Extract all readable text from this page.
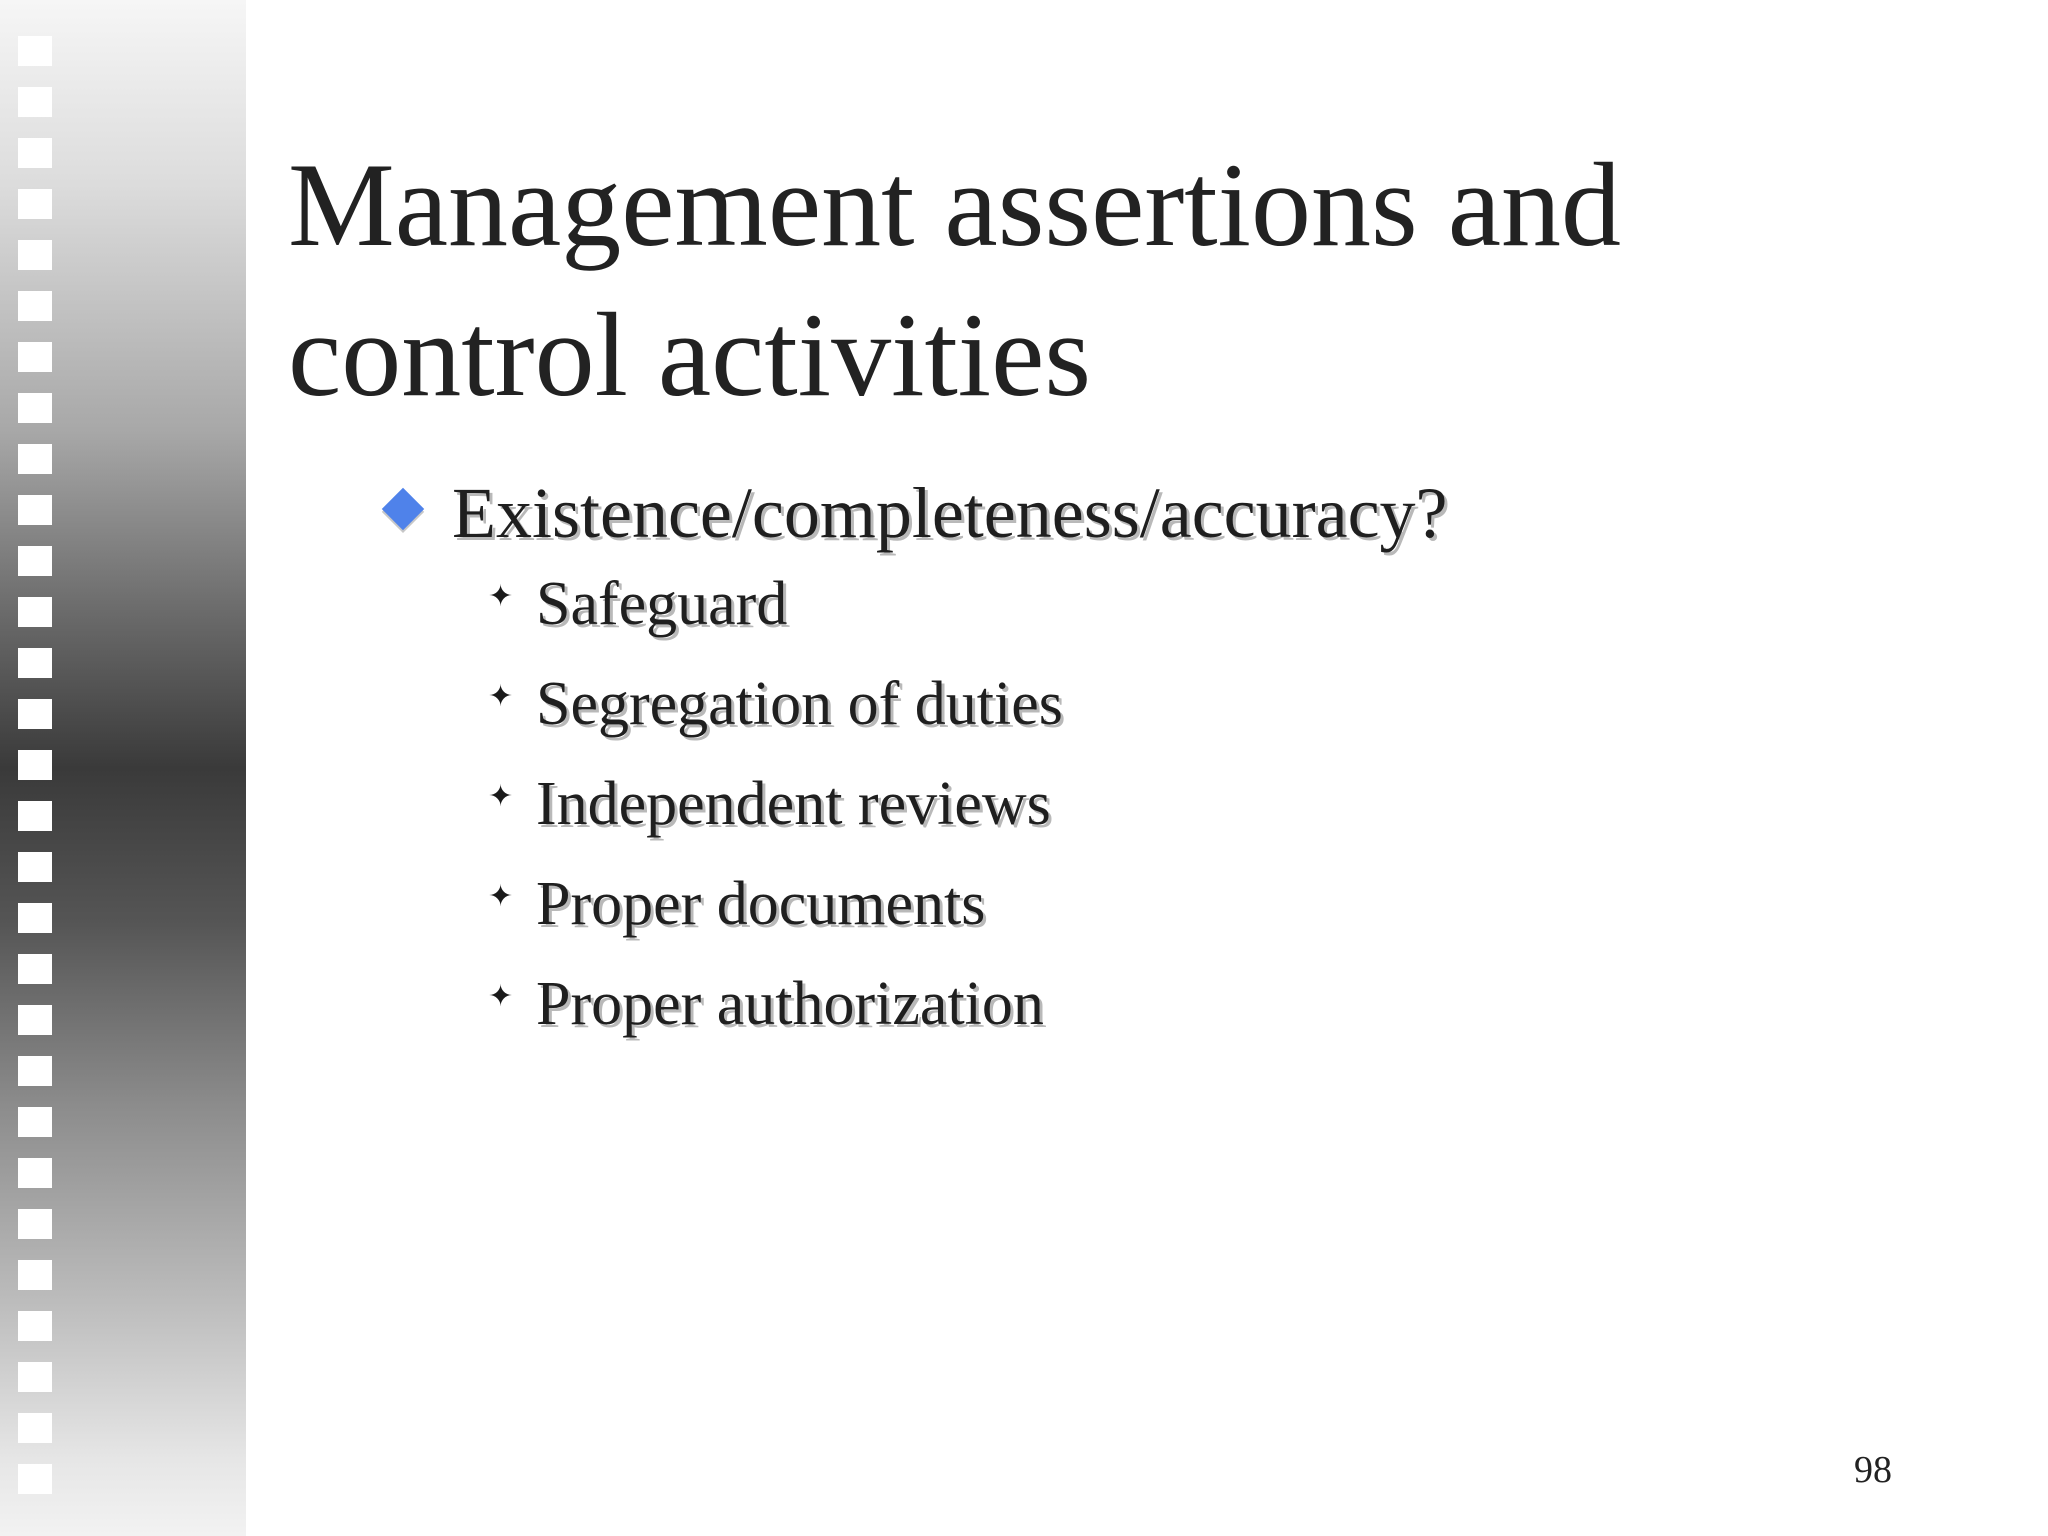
Management assertions and control activities
Existence/completeness/accuracy?
✦ Safeguard
✦ Segregation of duties
✦ Independent reviews
✦ Proper documents
✦ Proper authorization
98
